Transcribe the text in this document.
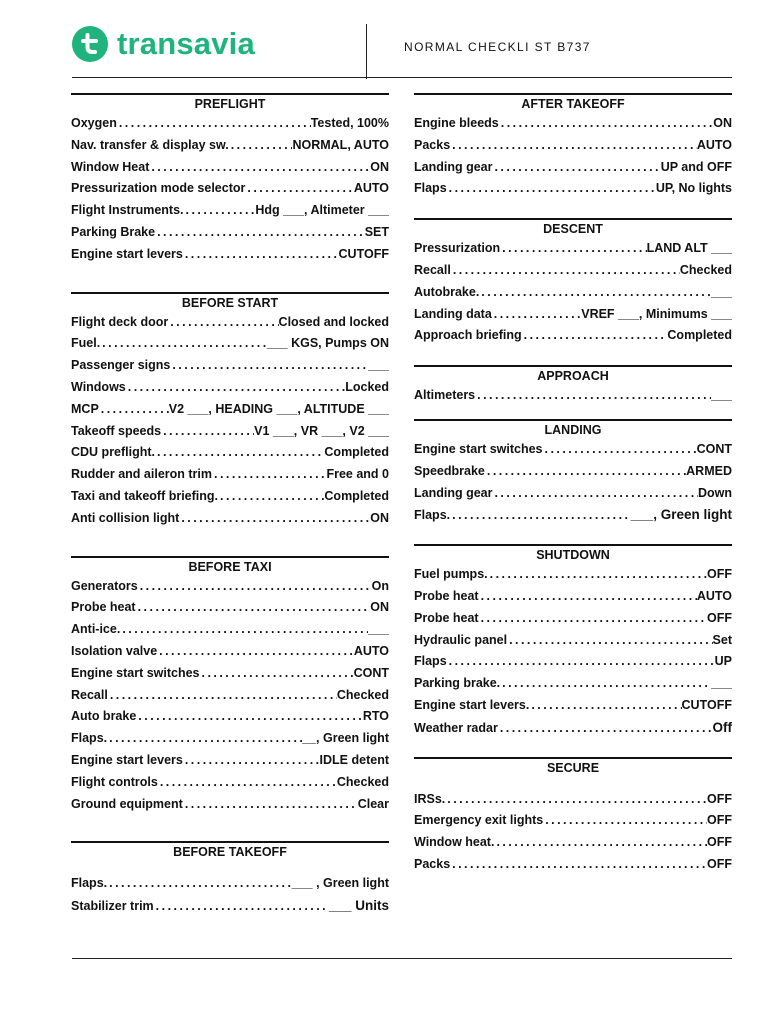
transavia	NORMAL CHECKLI ST B737
PREFLIGHT
Oxygen . . .	Tested, 100%
Nav. transfer & display sw. . . .	NORMAL, AUTO
Window Heat . . .	ON
Pressurization mode selector . . .	AUTO
Flight Instruments. . . .	Hdg ___, Altimeter ___
Parking Brake . . .	SET
Engine start levers . . .	CUTOFF
BEFORE START
Flight deck door . . .	Closed and locked
Fuel. . . .	___ KGS, Pumps ON
Passenger signs . . .	___
Windows . . .	Locked
MCP . . .	V2 ___, HEADING ___, ALTITUDE ___
Takeoff speeds . . .	V1 ___, VR ___, V2 ___
CDU preflight. . . .	Completed
Rudder and aileron trim . . .	Free and 0
Taxi and takeoff briefing. . . .	Completed
Anti collision light . . .	ON
BEFORE TAXI
Generators . . .	On
Probe heat . . .	ON
Anti-ice. . . .	___
Isolation valve . . .	AUTO
Engine start switches . . .	CONT
Recall . . .	Checked
Auto brake . . .	RTO
Flaps. . . .	__, Green light
Engine start levers . . .	IDLE detent
Flight controls . . .	Checked
Ground equipment . . .	Clear
BEFORE TAKEOFF
Flaps. . . .	___ , Green light
Stabilizer trim . . .	___ Units
AFTER TAKEOFF
Engine bleeds . . .	ON
Packs . . .	AUTO
Landing gear . . .	UP and OFF
Flaps . . .	UP, No lights
DESCENT
Pressurization . . .	LAND ALT ___
Recall . . .	Checked
Autobrake. . . .	___
Landing data . . .	VREF ___, Minimums ___
Approach briefing . . .	Completed
APPROACH
Altimeters . . .	___
LANDING
Engine start switches . . .	CONT
Speedbrake . . .	ARMED
Landing gear . . .	Down
Flaps. . . .	___, Green light
SHUTDOWN
Fuel pumps. . . .	OFF
Probe heat . . .	AUTO
Probe heat . . .	OFF
Hydraulic panel . . .	Set
Flaps . . .	UP
Parking brake. . . .	___
Engine start levers. . . .	CUTOFF
Weather radar . . .	Off
SECURE
IRSs. . . .	OFF
Emergency exit lights . . .	OFF
Window heat. . . .	OFF
Packs . . .	OFF
